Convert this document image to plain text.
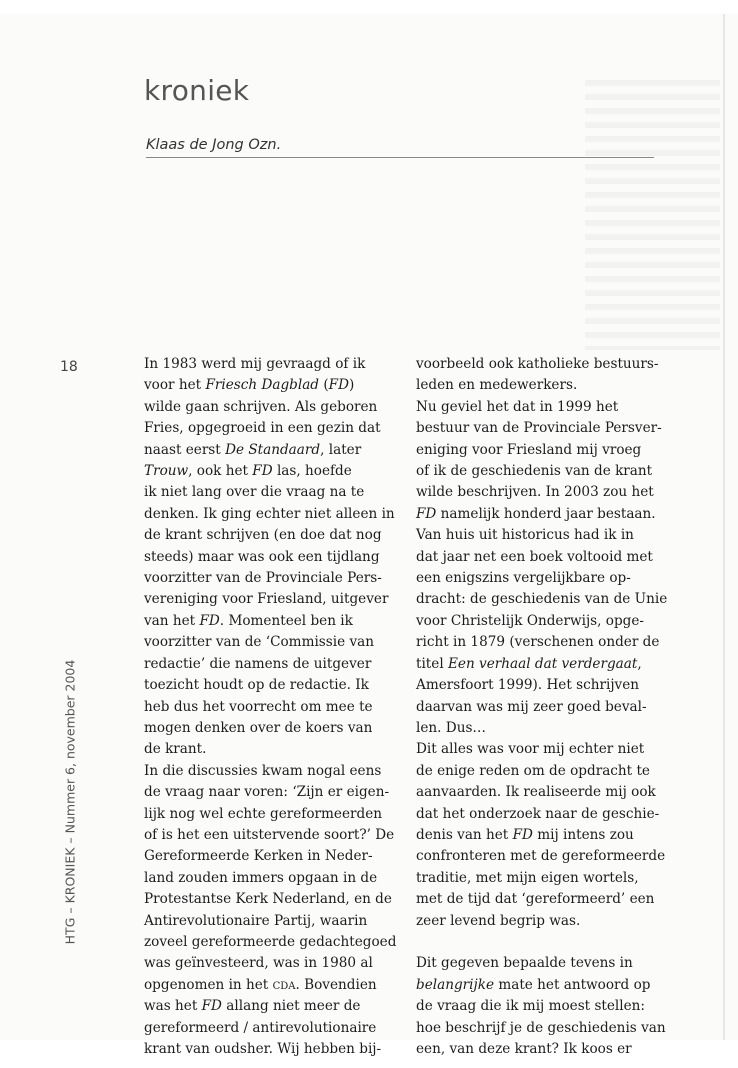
kroniek
Klaas de Jong Ozn.
18
HTG – KRONIEK – Nummer 6, november 2004
In 1983 werd mij gevraagd of ik
voor het Friesch Dagblad (FD)
wilde gaan schrijven. Als geboren
Fries, opgegroeid in een gezin dat
naast eerst De Standaard, later
Trouw, ook het FD las, hoefde
ik niet lang over die vraag na te
denken. Ik ging echter niet alleen in
de krant schrijven (en doe dat nog
steeds) maar was ook een tijdlang
voorzitter van de Provinciale Pers-
vereniging voor Friesland, uitgever
van het FD. Momenteel ben ik
voorzitter van de ‘Commissie van
redactie’ die namens de uitgever
toezicht houdt op de redactie. Ik
heb dus het voorrecht om mee te
mogen denken over de koers van
de krant.
In die discussies kwam nogal eens
de vraag naar voren: ‘Zijn er eigen-
lijk nog wel echte gereformeerden
of is het een uitstervende soort?’ De
Gereformeerde Kerken in Neder-
land zouden immers opgaan in de
Protestantse Kerk Nederland, en de
Antirevolutionaire Partij, waarin
zoveel gereformeerde gedachtegoed
was geïnvesteerd, was in 1980 al
opgenomen in het cda. Bovendien
was het FD allang niet meer de
gereformeerd / antirevolutionaire
krant van oudsher. Wij hebben bij-
voorbeeld ook katholieke bestuurs-
leden en medewerkers.
Nu geviel het dat in 1999 het
bestuur van de Provinciale Persver-
eniging voor Friesland mij vroeg
of ik de geschiedenis van de krant
wilde beschrijven. In 2003 zou het
FD namelijk honderd jaar bestaan.
Van huis uit historicus had ik in
dat jaar net een boek voltooid met
een enigszins vergelijkbare op-
dracht: de geschiedenis van de Unie
voor Christelijk Onderwijs, opge-
richt in 1879 (verschenen onder de
titel Een verhaal dat verdergaat,
Amersfoort 1999). Het schrijven
daarvan was mij zeer goed beval-
len. Dus…
Dit alles was voor mij echter niet
de enige reden om de opdracht te
aanvaarden. Ik realiseerde mij ook
dat het onderzoek naar de geschie-
denis van het FD mij intens zou
confronteren met de gereformeerde
traditie, met mijn eigen wortels,
met de tijd dat ‘gereformeerd’ een
zeer levend begrip was.
Dit gegeven bepaalde tevens in
belangrijke mate het antwoord op
de vraag die ik mij moest stellen:
hoe beschrijf je de geschiedenis van
een, van deze krant? Ik koos er
